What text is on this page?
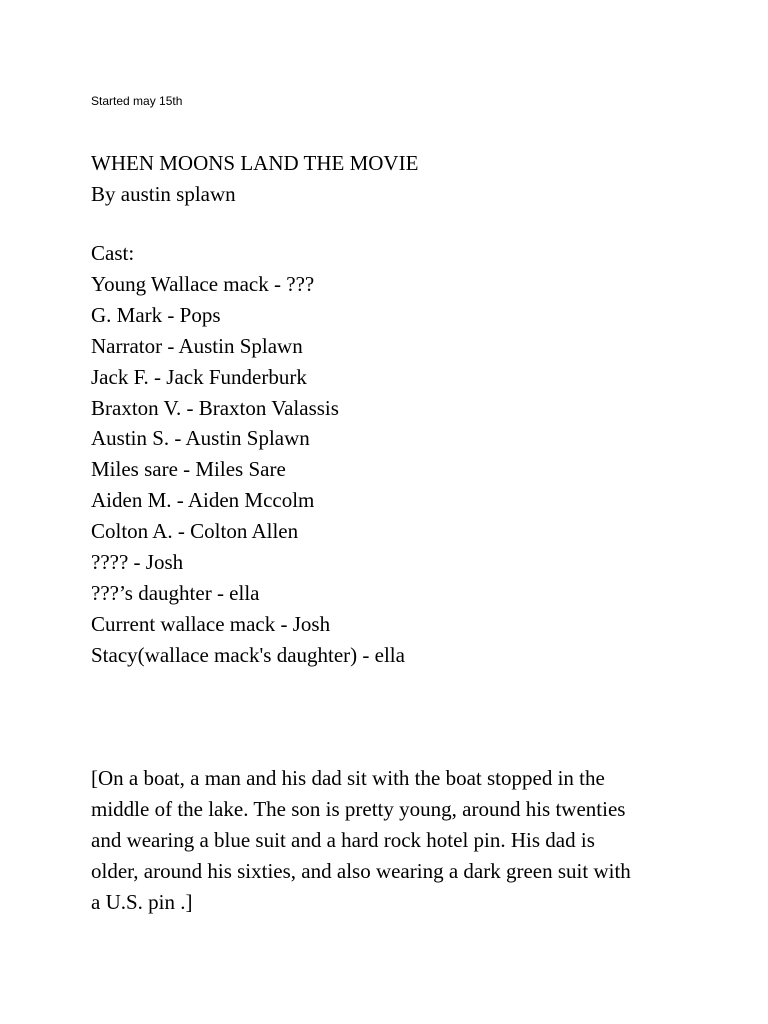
Started may 15th
WHEN MOONS LAND THE MOVIE
By austin splawn
Cast:
Young Wallace mack - ???
G. Mark - Pops
Narrator - Austin Splawn
Jack F. - Jack Funderburk
Braxton V. - Braxton Valassis
Austin S. - Austin Splawn
Miles sare - Miles Sare
Aiden M. - Aiden Mccolm
Colton A. - Colton Allen
???? - Josh
???’s daughter - ella
Current wallace mack - Josh
Stacy(wallace mack's daughter) - ella
[On a boat, a man and his dad sit with the boat stopped in the
middle of the lake. The son is pretty young, around his twenties
and wearing a blue suit and a hard rock hotel pin. His dad is
older, around his sixties, and also wearing a dark green suit with
a U.S. pin .]
